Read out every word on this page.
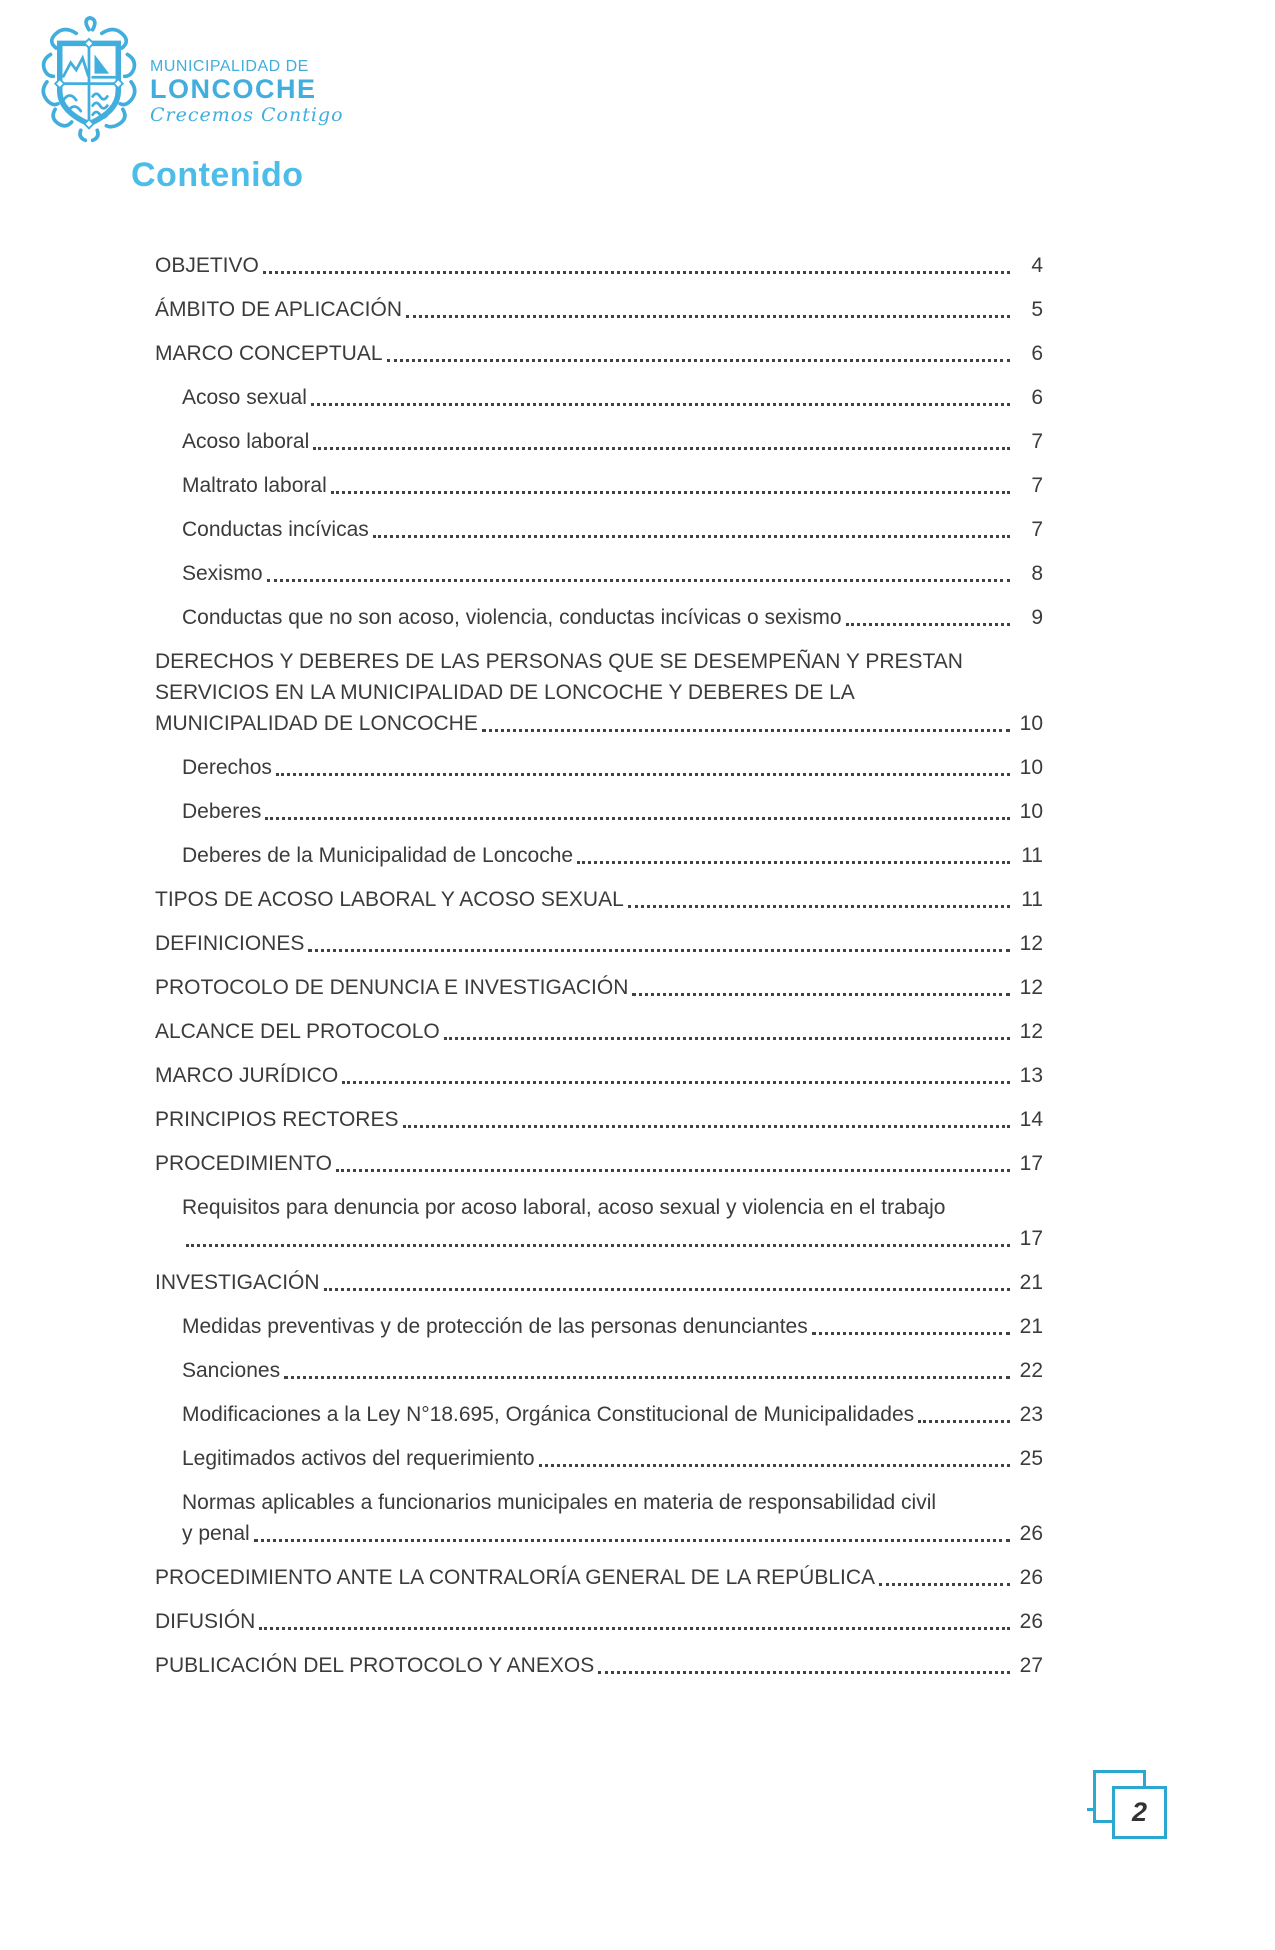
MUNICIPALIDAD DE
LONCOCHE
Crecemos Contigo
Contenido
OBJETIVO	4
ÁMBITO DE APLICACIÓN	5
MARCO CONCEPTUAL	6
Acoso sexual	6
Acoso laboral	7
Maltrato laboral	7
Conductas incívicas	7
Sexismo	8
Conductas que no son acoso, violencia, conductas incívicas o sexismo	9
DERECHOS Y DEBERES DE LAS PERSONAS QUE SE DESEMPEÑAN Y PRESTAN
SERVICIOS EN LA MUNICIPALIDAD DE LONCOCHE Y DEBERES DE LA
MUNICIPALIDAD DE LONCOCHE	10
Derechos	10
Deberes	10
Deberes de la Municipalidad de Loncoche	11
TIPOS DE ACOSO LABORAL Y ACOSO SEXUAL	11
DEFINICIONES	12
PROTOCOLO DE DENUNCIA E INVESTIGACIÓN	12
ALCANCE DEL PROTOCOLO	12
MARCO JURÍDICO	13
PRINCIPIOS RECTORES	14
PROCEDIMIENTO	17
Requisitos para denuncia por acoso laboral, acoso sexual y violencia en el trabajo
17
INVESTIGACIÓN	21
Medidas preventivas y de protección de las personas denunciantes	21
Sanciones	22
Modificaciones a la Ley N°18.695, Orgánica Constitucional de Municipalidades	23
Legitimados activos del requerimiento	25
Normas aplicables a funcionarios municipales en materia de responsabilidad civil
y penal	26
PROCEDIMIENTO ANTE LA CONTRALORÍA GENERAL DE LA REPÚBLICA	26
DIFUSIÓN	26
PUBLICACIÓN DEL PROTOCOLO Y ANEXOS	27
2
